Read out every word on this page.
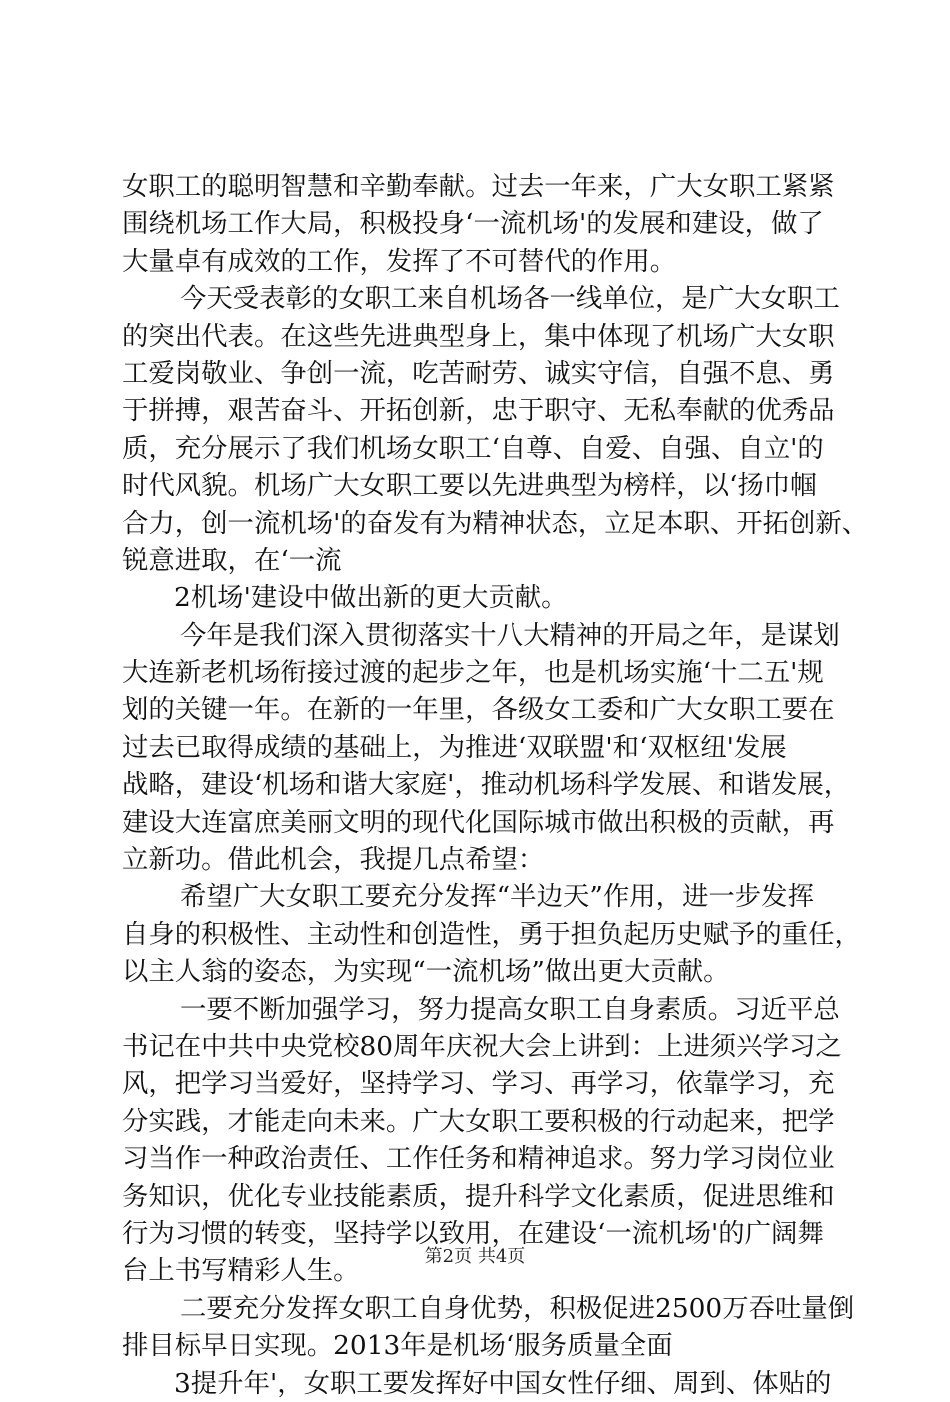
女职工的聪明智慧和辛勤奉献。过去一年来，广大女职工紧紧
围绕机场工作大局，积极投身‘一流机场'的发展和建设，做了
大量卓有成效的工作，发挥了不可替代的作用。
今天受表彰的女职工来自机场各一线单位，是广大女职工
的突出代表。在这些先进典型身上，集中体现了机场广大女职
工爱岗敬业、争创一流，吃苦耐劳、诚实守信，自强不息、勇
于拼搏，艰苦奋斗、开拓创新，忠于职守、无私奉献的优秀品
质，充分展示了我们机场女职工‘自尊、自爱、自强、自立'的
时代风貌。机场广大女职工要以先进典型为榜样，以‘扬巾帼
合力，创一流机场'的奋发有为精神状态，立足本职、开拓创新、
锐意进取，在‘一流
2机场'建设中做出新的更大贡献。
今年是我们深入贯彻落实十八大精神的开局之年，是谋划
大连新老机场衔接过渡的起步之年，也是机场实施‘十二五'规
划的关键一年。在新的一年里，各级女工委和广大女职工要在
过去已取得成绩的基础上，为推进‘双联盟'和‘双枢纽'发展
战略，建设‘机场和谐大家庭'，推动机场科学发展、和谐发展，
建设大连富庶美丽文明的现代化国际城市做出积极的贡献，再
立新功。借此机会，我提几点希望：
希望广大女职工要充分发挥“半边天”作用，进一步发挥
自身的积极性、主动性和创造性，勇于担负起历史赋予的重任，
以主人翁的姿态，为实现“一流机场”做出更大贡献。
一要不断加强学习，努力提高女职工自身素质。习近平总
书记在中共中央党校80周年庆祝大会上讲到：上进须兴学习之
风，把学习当爱好，坚持学习、学习、再学习，依靠学习，充
分实践，才能走向未来。广大女职工要积极的行动起来，把学
习当作一种政治责任、工作任务和精神追求。努力学习岗位业
务知识，优化专业技能素质，提升科学文化素质，促进思维和
行为习惯的转变，坚持学以致用，在建设‘一流机场'的广阔舞
台上书写精彩人生。
二要充分发挥女职工自身优势，积极促进2500万吞吐量倒
排目标早日实现。2013年是机场‘服务质量全面
3提升年'，女职工要发挥好中国女性仔细、周到、体贴的
第2页 共4页
